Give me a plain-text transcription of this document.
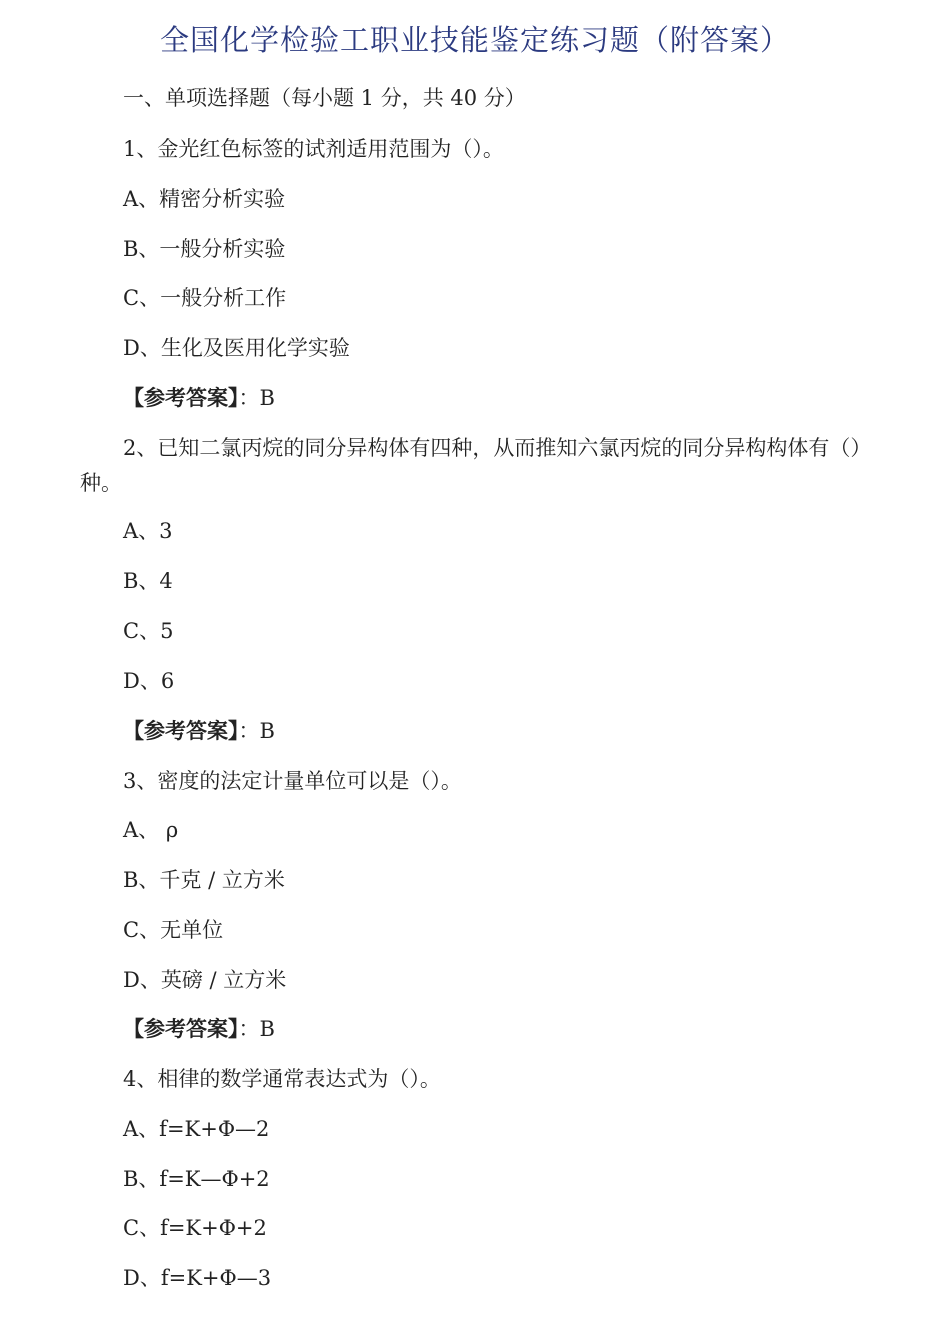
全国化学检验工职业技能鉴定练习题（附答案）
一、单项选择题（每小题 1 分，共 40 分）
1、金光红色标签的试剂适用范围为（）。
A、精密分析实验
B、一般分析实验
C、一般分析工作
D、生化及医用化学实验
【参考答案】：B
2、已知二氯丙烷的同分异构体有四种，从而推知六氯丙烷的同分异构构体有（）种。
A、3
B、4
C、5
D、6
【参考答案】：B
3、密度的法定计量单位可以是（）。
A、 ρ
B、千克 / 立方米
C、无单位
D、英磅 / 立方米
【参考答案】：B
4、相律的数学通常表达式为（）。
A、f=K+Φ—2
B、f=K—Φ+2
C、f=K+Φ+2
D、f=K+Φ—3
